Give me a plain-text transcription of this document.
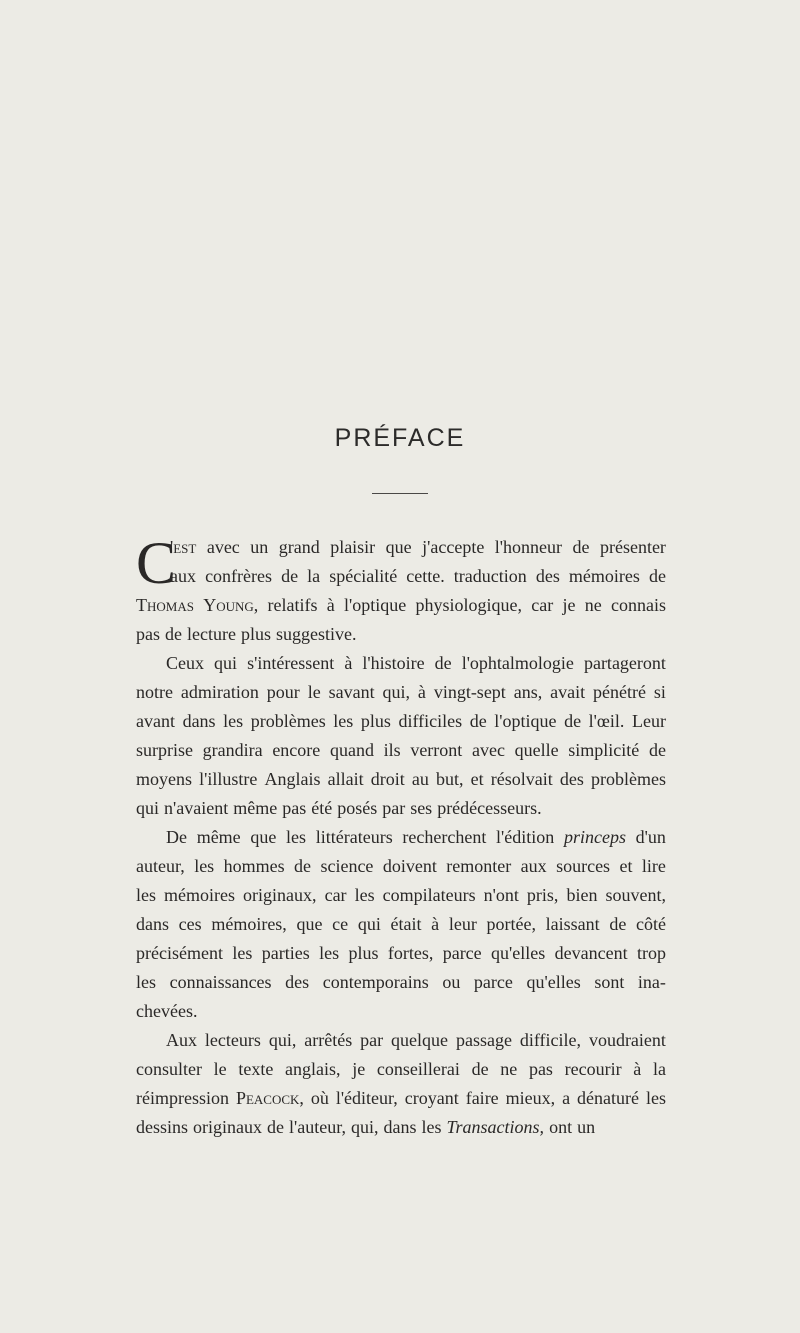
PRÉFACE
C
'est avec un grand plaisir que j'accepte l'honneur de présenter
aux confrères de la spécialité cette. traduction des mémoires de
Thomas Young, relatifs à l'optique physiologique, car je ne connais
pas de lecture plus suggestive.
Ceux qui s'intéressent à l'histoire de l'ophtalmologie partageront
notre admiration pour le savant qui, à vingt-sept ans, avait pénétré si
avant dans les problèmes les plus difficiles de l'optique de l'œil. Leur
surprise grandira encore quand ils verront avec quelle simplicité de
moyens l'illustre Anglais allait droit au but, et résolvait des problèmes
qui n'avaient même pas été posés par ses prédécesseurs.
De même que les littérateurs recherchent l'édition princeps d'un
auteur, les hommes de science doivent remonter aux sources et lire
les mémoires originaux, car les compilateurs n'ont pris, bien souvent,
dans ces mémoires, que ce qui était à leur portée, laissant de côté
précisément les parties les plus fortes, parce qu'elles devancent trop
les connaissances des contemporains ou parce qu'elles sont ina-
chevées.
Aux lecteurs qui, arrêtés par quelque passage difficile, voudraient
consulter le texte anglais, je conseillerai de ne pas recourir à la
réimpression Peacock, où l'éditeur, croyant faire mieux, a dénaturé les
dessins originaux de l'auteur, qui, dans les Transactions, ont un
